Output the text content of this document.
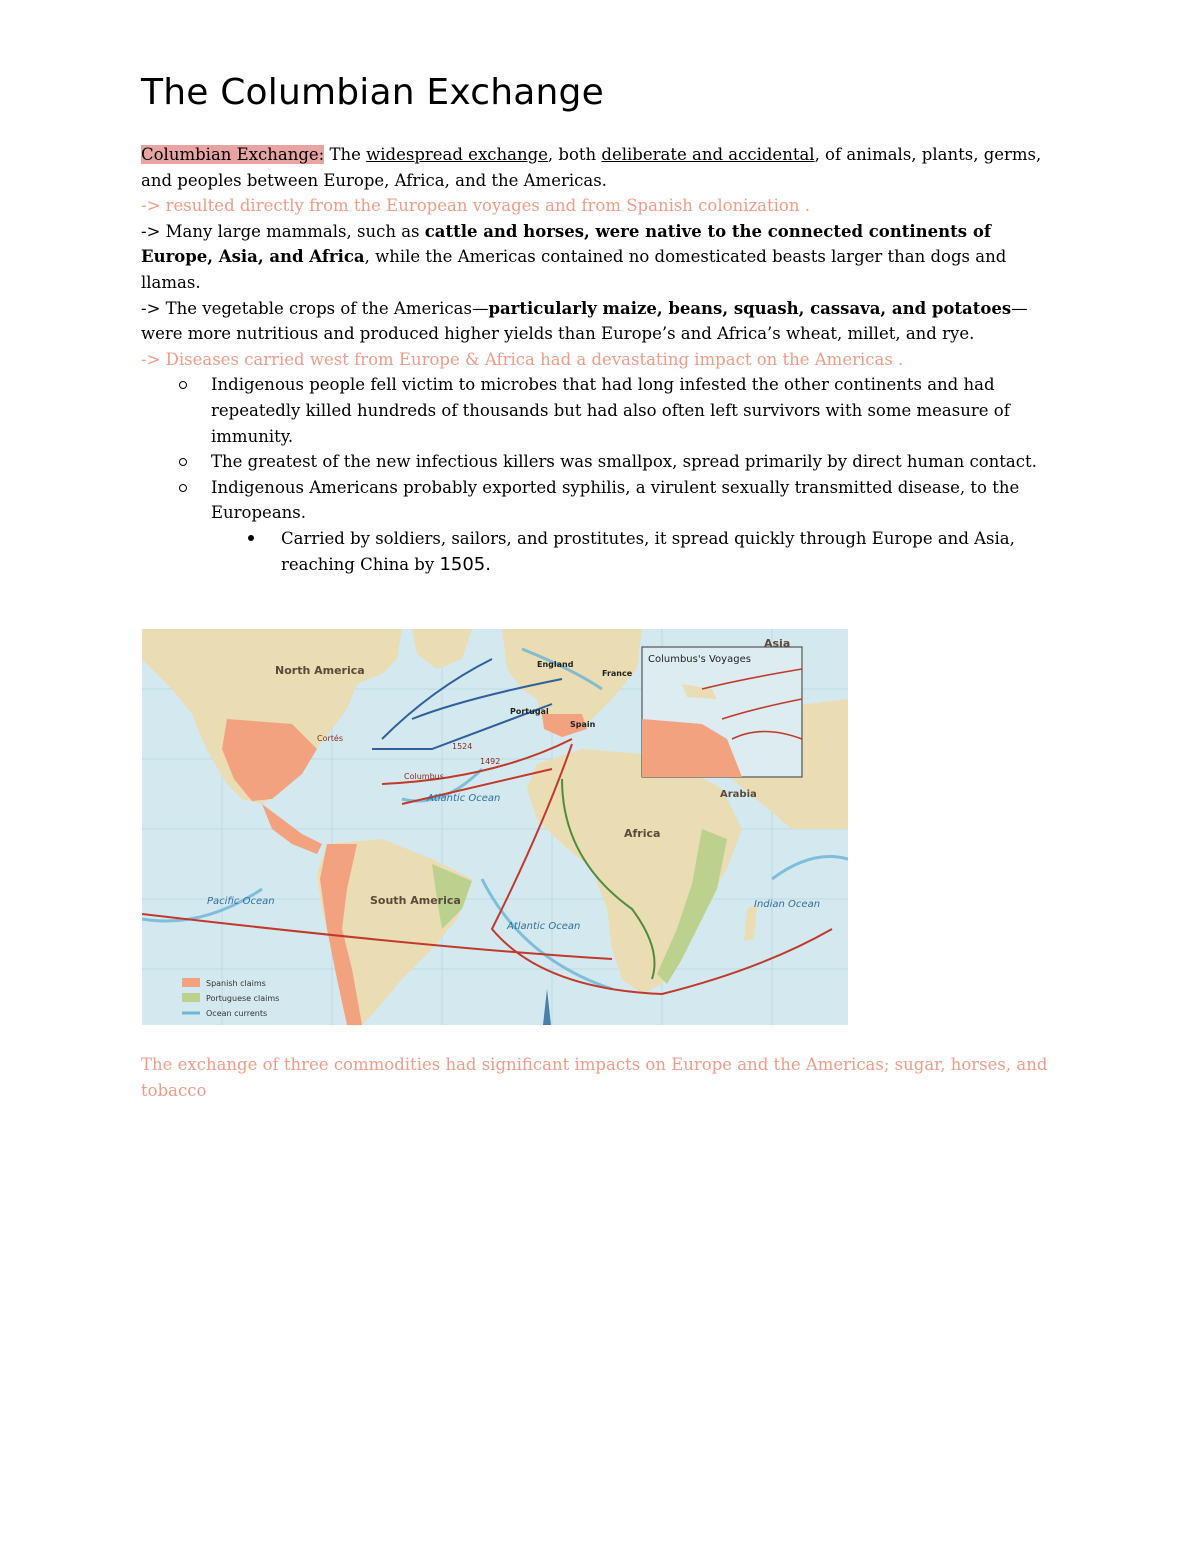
The Columbian Exchange

Columbian Exchange: The widespread exchange, both deliberate and accidental, of animals, plants, germs, and peoples between Europe, Africa, and the Americas.

-> resulted directly from the European voyages and from Spanish colonization .

-> Many large mammals, such as cattle and horses, were native to the connected continents of Europe, Asia, and Africa, while the Americas contained no domesticated beasts larger than dogs and llamas.

-> The vegetable crops of the Americas—particularly maize, beans, squash, cassava, and potatoes—were more nutritious and produced higher yields than Europe’s and Africa’s wheat, millet, and rye.

-> Diseases carried west from Europe & Africa had a devastating impact on the Americas .

Indigenous people fell victim to microbes that had long infested the other continents and had repeatedly killed hundreds of thousands but had also often left survivors with some measure of immunity.
The greatest of the new infectious killers was smallpox, spread primarily by direct human contact.
Indigenous Americans probably exported syphilis, a virulent sexually transmitted disease, to the Europeans.
Carried by soldiers, sailors, and prostitutes, it spread quickly through Europe and Asia, reaching China by 1505.
Columbus's Voyages
North America
South America
Africa
Asia
Arabia
Atlantic Ocean
Atlantic Ocean
Pacific Ocean	Indian Ocean
England
France
Portugal
Spain
1492
1524
Cortés
Columbus
Spanish claims
Portuguese claims
Ocean currents

The exchange of three commodities had significant impacts on Europe and the Americas; sugar, horses, and tobacco
